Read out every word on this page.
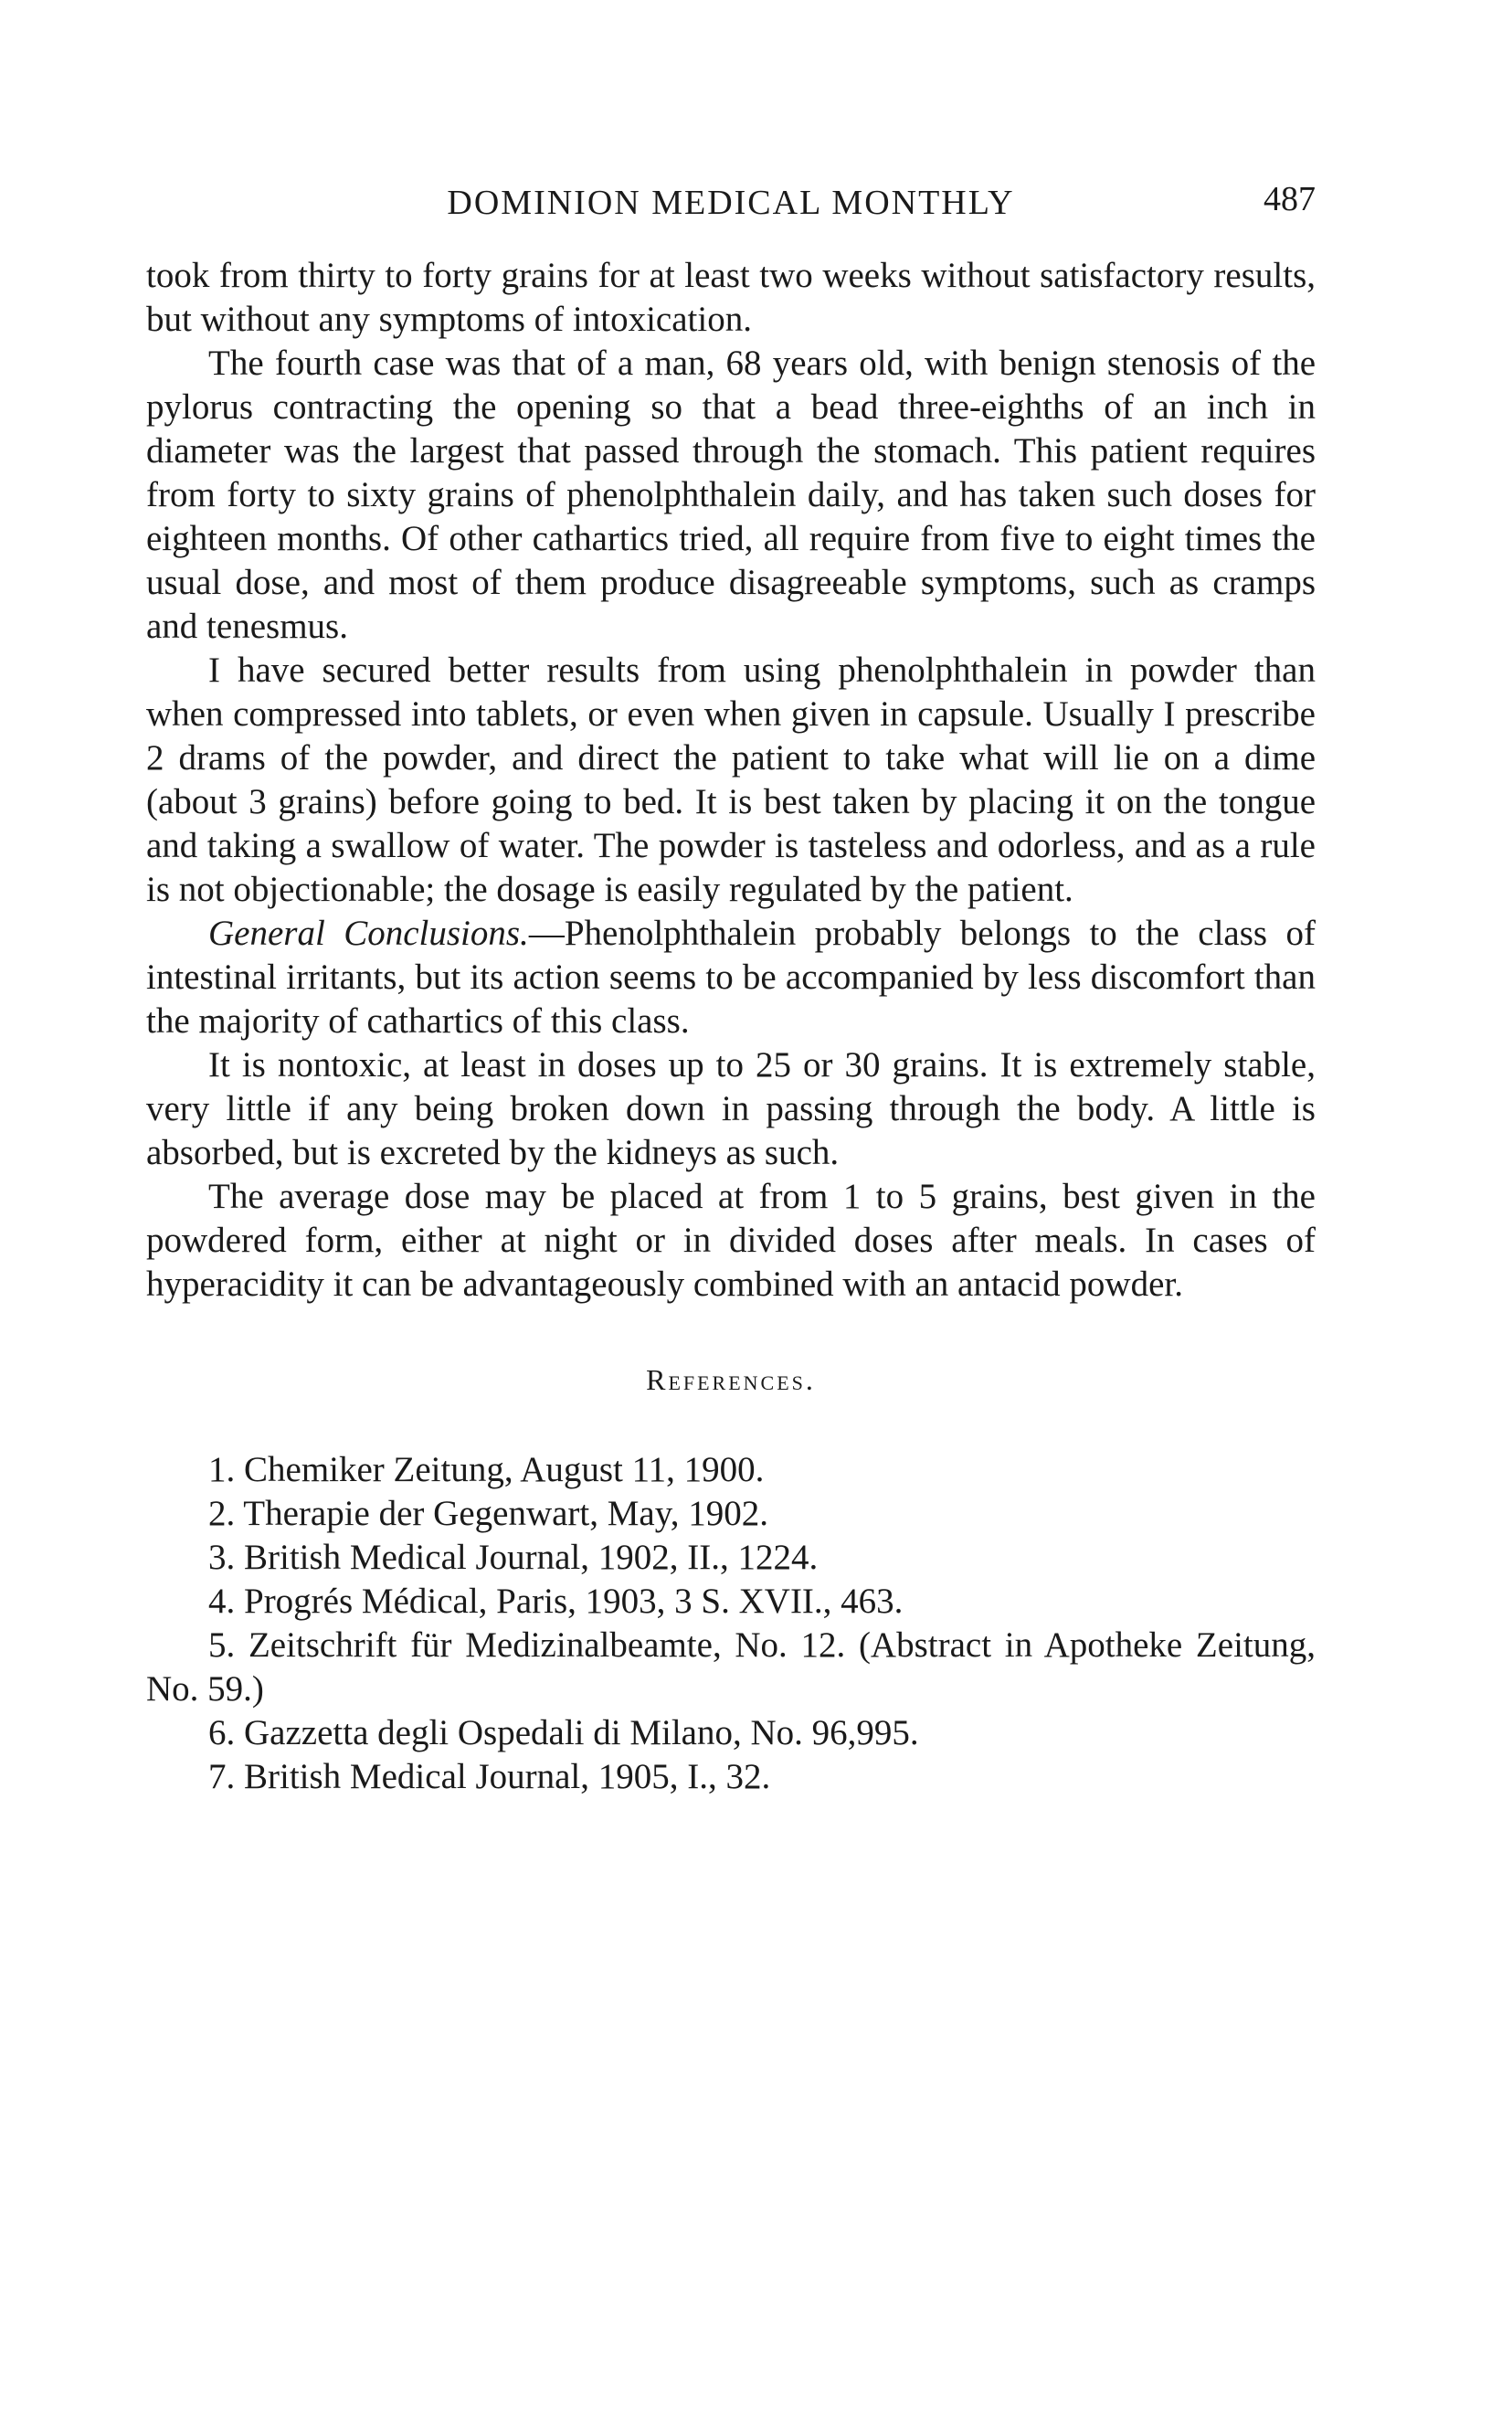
DOMINION MEDICAL MONTHLY	487

took from thirty to forty grains for at least two weeks without satisfactory results, but without any symptoms of intoxication.

The fourth case was that of a man, 68 years old, with benign stenosis of the pylorus contracting the opening so that a bead three-eighths of an inch in diameter was the largest that passed through the stomach. This patient requires from forty to sixty grains of phenolphthalein daily, and has taken such doses for eighteen months. Of other cathartics tried, all require from five to eight times the usual dose, and most of them produce disagreeable symptoms, such as cramps and tenesmus.

I have secured better results from using phenolphthalein in powder than when compressed into tablets, or even when given in capsule. Usually I prescribe 2 drams of the powder, and direct the patient to take what will lie on a dime (about 3 grains) before going to bed. It is best taken by placing it on the tongue and taking a swallow of water. The powder is tasteless and odorless, and as a rule is not objectionable; the dosage is easily regulated by the patient.

General Conclusions.—Phenolphthalein probably belongs to the class of intestinal irritants, but its action seems to be accompanied by less discomfort than the majority of cathartics of this class.

It is nontoxic, at least in doses up to 25 or 30 grains. It is extremely stable, very little if any being broken down in passing through the body. A little is absorbed, but is excreted by the kidneys as such.

The average dose may be placed at from 1 to 5 grains, best given in the powdered form, either at night or in divided doses after meals. In cases of hyperacidity it can be advantageously combined with an antacid powder.

References.

1. Chemiker Zeitung, August 11, 1900.

2. Therapie der Gegenwart, May, 1902.

3. British Medical Journal, 1902, II., 1224.

4. Progrés Médical, Paris, 1903, 3 S. XVII., 463.

5. Zeitschrift für Medizinalbeamte, No. 12. (Abstract in Apotheke Zeitung, No. 59.)

6. Gazzetta degli Ospedali di Milano, No. 96,995.

7. British Medical Journal, 1905, I., 32.
